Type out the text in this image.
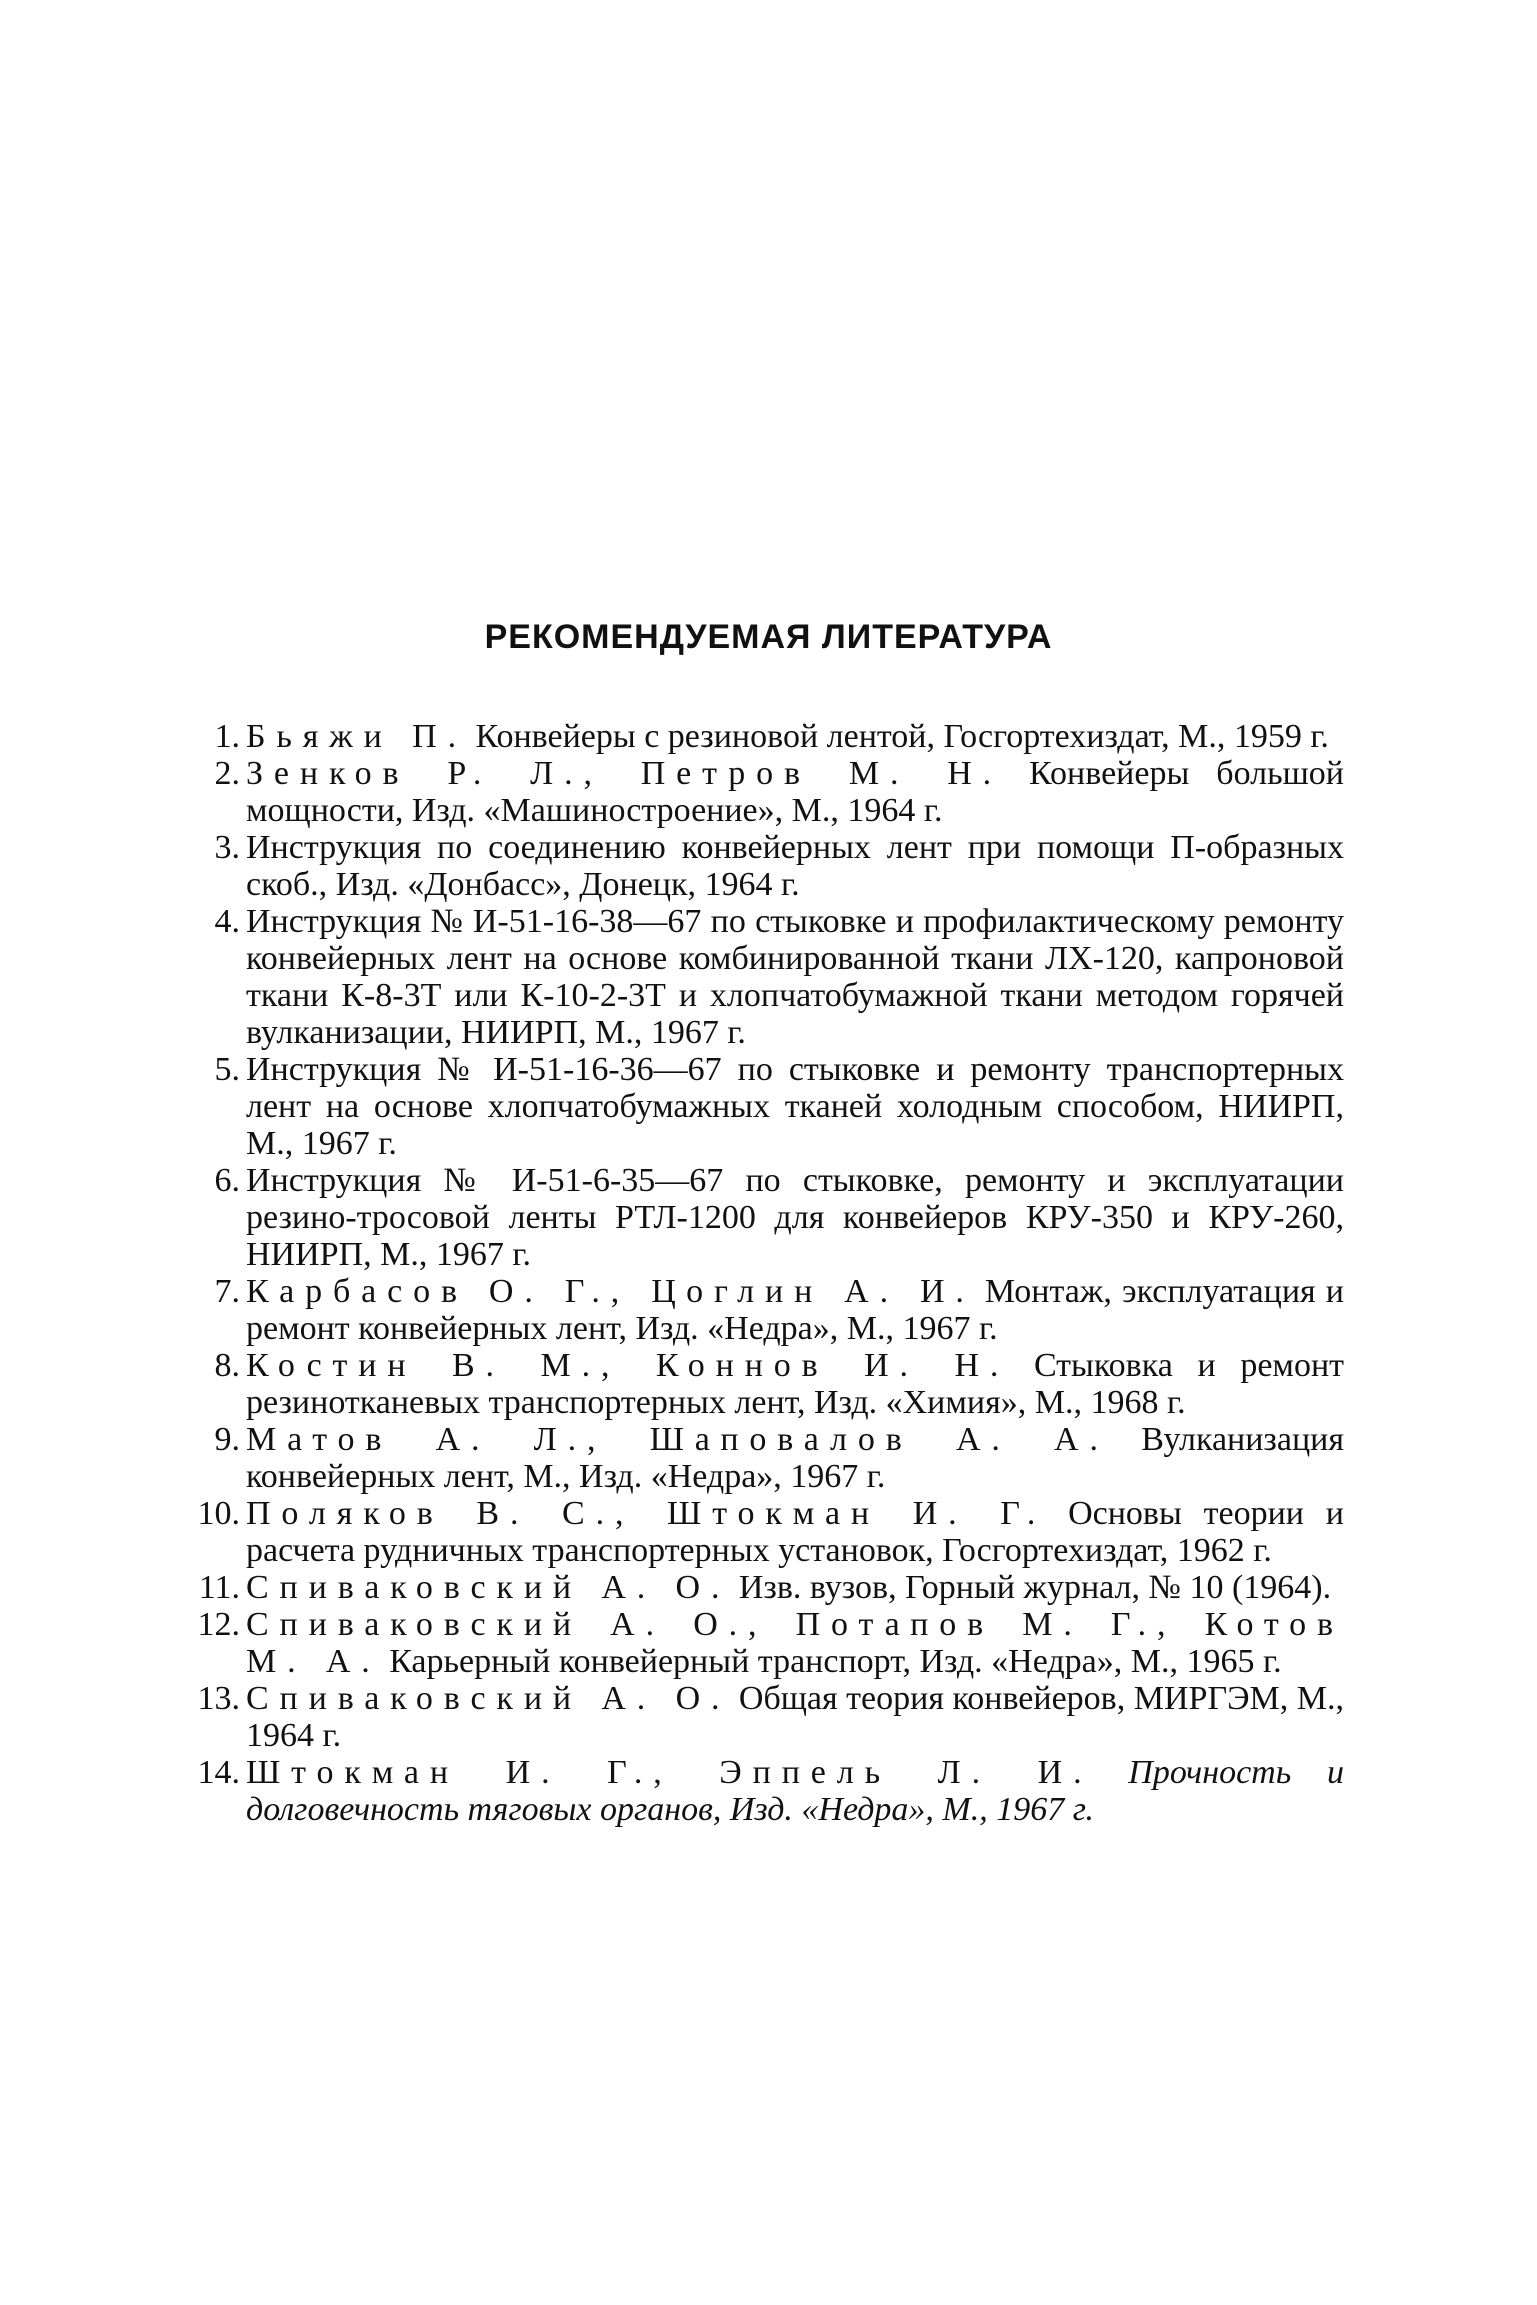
РЕКОМЕНДУЕМАЯ ЛИТЕРАТУРА
1. Бьяжи П. Конвейеры с резиновой лентой, Госгортехиздат, М., 1959 г.
2. Зенков Р. Л., Петров М. Н. Конвейеры большой мощности, Изд. «Машиностроение», М., 1964 г.
3. Инструкция по соединению конвейерных лент при помощи П-образных скоб., Изд. «Донбасс», Донецк, 1964 г.
4. Инструкция № И-51-16-38—67 по стыковке и профилактическому ремонту конвейерных лент на основе комбинированной ткани ЛХ-120, капроновой ткани К-8-3Т или К-10-2-3Т и хлопчатобумажной ткани методом горячей вулканизации, НИИРП, М., 1967 г.
5. Инструкция № И-51-16-36—67 по стыковке и ремонту транспортерных лент на основе хлопчатобумажных тканей холодным способом, НИИРП, М., 1967 г.
6. Инструкция № И-51-6-35—67 по стыковке, ремонту и эксплуатации резино-тросовой ленты РТЛ-1200 для конвейеров КРУ-350 и КРУ-260, НИИРП, М., 1967 г.
7. Карбасов О. Г., Цоглин А. И. Монтаж, эксплуатация и ремонт конвейерных лент, Изд. «Недра», М., 1967 г.
8. Костин В. М., Коннов И. Н. Стыковка и ремонт резинотканевых транспортерных лент, Изд. «Химия», М., 1968 г.
9. Матов А. Л., Шаповалов А. А. Вулканизация конвейерных лент, М., Изд. «Недра», 1967 г.
10. Поляков В. С., Штокман И. Г. Основы теории и расчета рудничных транспортерных установок, Госгортехиздат, 1962 г.
11. Спиваковский А. О. Изв. вузов, Горный журнал, № 10 (1964).
12. Спиваковский А. О., Потапов М. Г., Котов М. А. Карьерный конвейерный транспорт, Изд. «Недра», М., 1965 г.
13. Спиваковский А. О. Общая теория конвейеров, МИРГЭМ, М., 1964 г.
14. Штокман И. Г., Эппель Л. И. Прочность и долговечность тяговых органов, Изд. «Недра», М., 1967 г.
